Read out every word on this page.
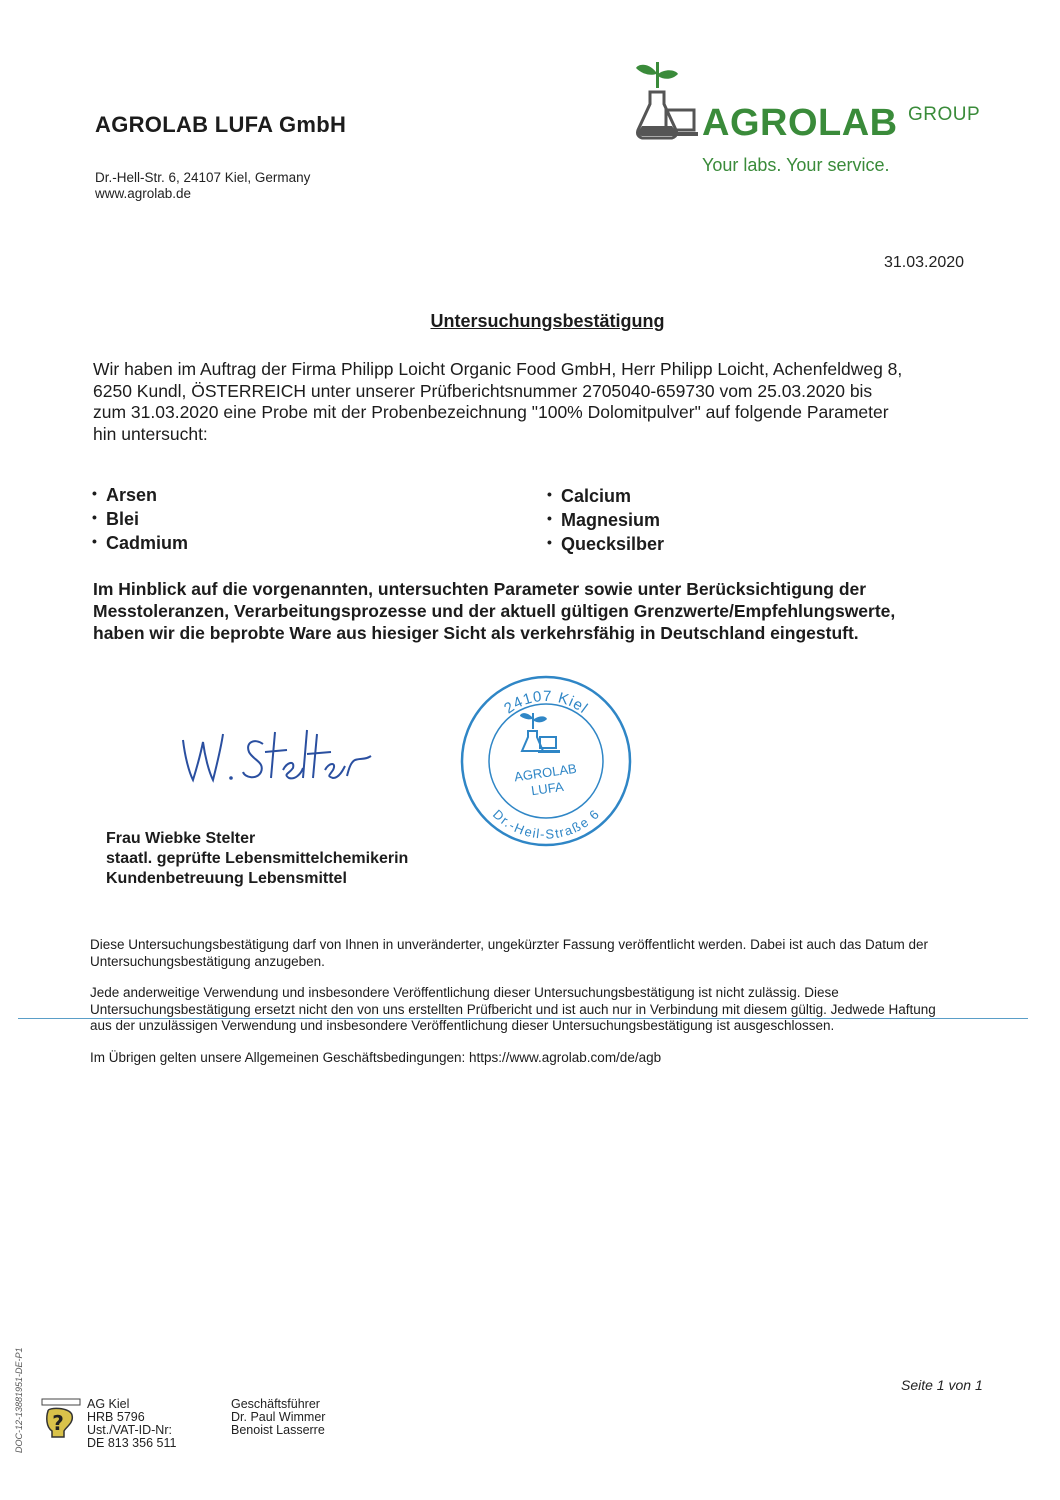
AGROLAB LUFA GmbH
Dr.-Hell-Str. 6, 24107 Kiel, Germany
www.agrolab.de
AGROLAB GROUP
Your labs. Your service.
31.03.2020
Untersuchungsbestätigung
Wir haben im Auftrag der Firma Philipp Loicht Organic Food GmbH, Herr Philipp Loicht, Achenfeldweg 8,
6250 Kundl, ÖSTERREICH unter unserer Prüfberichtsnummer 2705040-659730 vom 25.03.2020 bis
zum 31.03.2020 eine Probe mit der Probenbezeichnung "100% Dolomitpulver" auf folgende Parameter
hin untersucht:
• Arsen
• Blei
• Cadmium
• Calcium
• Magnesium
• Quecksilber
Im Hinblick auf die vorgenannten, untersuchten Parameter sowie unter Berücksichtigung der
Messtoleranzen, Verarbeitungsprozesse und der aktuell gültigen Grenzwerte/Empfehlungswerte,
haben wir die beprobte Ware aus hiesiger Sicht als verkehrsfähig in Deutschland eingestuft.
24107 Kiel
Dr.-Heil-Straße 6
AGROLAB
LUFA
Frau Wiebke Stelter
staatl. geprüfte Lebensmittelchemikerin
Kundenbetreuung Lebensmittel

Diese Untersuchungsbestätigung darf von Ihnen in unveränderter, ungekürzter Fassung veröffentlicht werden. Dabei ist auch das Datum der
Untersuchungsbestätigung anzugeben.

Jede anderweitige Verwendung und insbesondere Veröffentlichung dieser Untersuchungsbestätigung ist nicht zulässig. Diese
Untersuchungsbestätigung ersetzt nicht den von uns erstellten Prüfbericht und ist auch nur in Verbindung mit diesem gültig. Jedwede Haftung
aus der unzulässigen Verwendung und insbesondere Veröffentlichung dieser Untersuchungsbestätigung ist ausgeschlossen.

Im Übrigen gelten unsere Allgemeinen Geschäftsbedingungen: https://www.agrolab.com/de/agb

Seite 1 von 1
DOC-12-13881951-DE-P1 ?
AG Kiel
HRB 5796
Ust./VAT-ID-Nr:
DE 813 356 511
Geschäftsführer
Dr. Paul Wimmer
Benoist Lasserre
